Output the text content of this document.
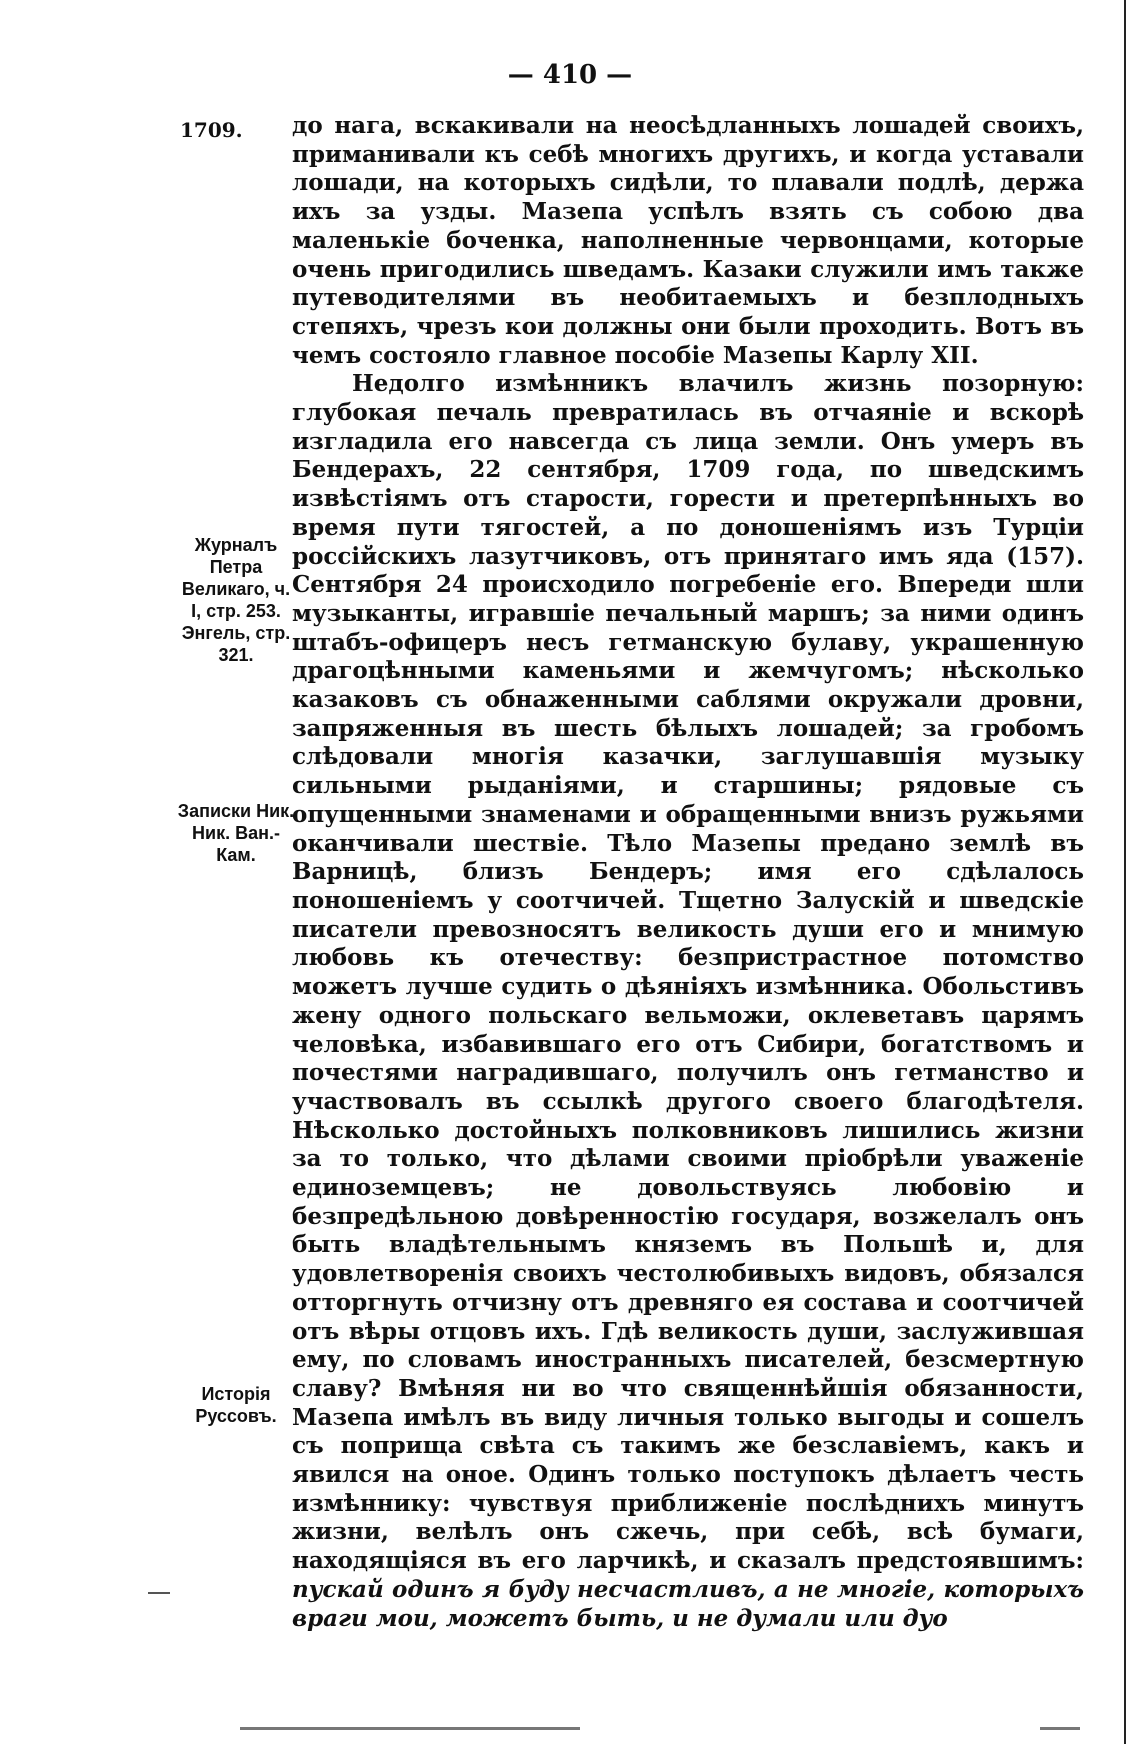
— 410 —
1709.
Журналъ Петра Великаго, ч. I, стр. 253. Энгель, стр. 321.
Записки Ник. Ник. Ван.-Кам.
Исторія Руссовъ.

до нага, вскакивали на неосѣдланныхъ лошадей своихъ, приманивали къ себѣ многихъ другихъ, и когда уставали лошади, на которыхъ сидѣли, то плавали подлѣ, держа ихъ за узды. Мазепа успѣлъ взять съ собою два маленькіе боченка, наполненные червонцами, которые очень пригодились шведамъ. Казаки служили имъ также путеводителями въ необитаемыхъ и безплодныхъ степяхъ, чрезъ кои должны они были проходить. Вотъ въ чемъ состояло главное пособіе Мазепы Карлу XII.

Недолго измѣнникъ влачилъ жизнь позорную: глубокая печаль превратилась въ отчаяніе и вскорѣ изгладила его навсегда съ лица земли. Онъ умеръ въ Бендерахъ, 22 сентября, 1709 года, по шведскимъ извѣстіямъ отъ старости, горести и претерпѣнныхъ во время пути тягостей, а по доношеніямъ изъ Турціи россійскихъ лазутчиковъ, отъ принятаго имъ яда (157). Сентября 24 происходило погребеніе его. Впереди шли музыканты, игравшіе печальный маршъ; за ними одинъ штабъ-офицеръ несъ гетманскую булаву, украшенную драгоцѣнными каменьями и жемчугомъ; нѣсколько казаковъ съ обнаженными саблями окружали дровни, запряженныя въ шесть бѣлыхъ лошадей; за гробомъ слѣдовали многія казачки, заглушавшія музыку сильными рыданіями, и старшины; рядовые съ опущенными знаменами и обращенными внизъ ружьями оканчивали шествіе. Тѣло Мазепы предано землѣ въ Варницѣ, близъ Бендеръ; имя его сдѣлалось поношеніемъ у соотчичей. Тщетно Залускій и шведскіе писатели превозносятъ великость души его и мнимую любовь къ отечеству: безпристрастное потомство можетъ лучше судить о дѣяніяхъ измѣнника. Обольстивъ жену одного польскаго вельможи, оклеветавъ царямъ человѣка, избавившаго его отъ Сибири, богатствомъ и почестями наградившаго, получилъ онъ гетманство и участвовалъ въ ссылкѣ другого своего благодѣтеля. Нѣсколько достойныхъ полковниковъ лишились жизни за то только, что дѣлами своими пріобрѣли уваженіе единоземцевъ; не довольствуясь любовію и безпредѣльною довѣренностію государя, возжелалъ онъ быть владѣтельнымъ княземъ въ Польшѣ и, для удовлетворенія своихъ честолюбивыхъ видовъ, обязался отторгнуть отчизну отъ древняго ея состава и соотчичей отъ вѣры отцовъ ихъ. Гдѣ великость души, заслужившая ему, по словамъ иностранныхъ писателей, безсмертную славу? Вмѣняя ни во что священнѣйшія обязанности, Мазепа имѣлъ въ виду личныя только выгоды и сошелъ съ поприща свѣта съ такимъ же безславіемъ, какъ и явился на оное. Одинъ только поступокъ дѣлаетъ честь измѣннику: чувствуя приближеніе послѣднихъ минутъ жизни, велѣлъ онъ сжечь, при себѣ, всѣ бумаги, находящіяся въ его ларчикѣ, и сказалъ предстоявшимъ: пускай одинъ я буду несчастливъ, а не многіе, которыхъ враги мои, можетъ быть, и не думали или дуо
